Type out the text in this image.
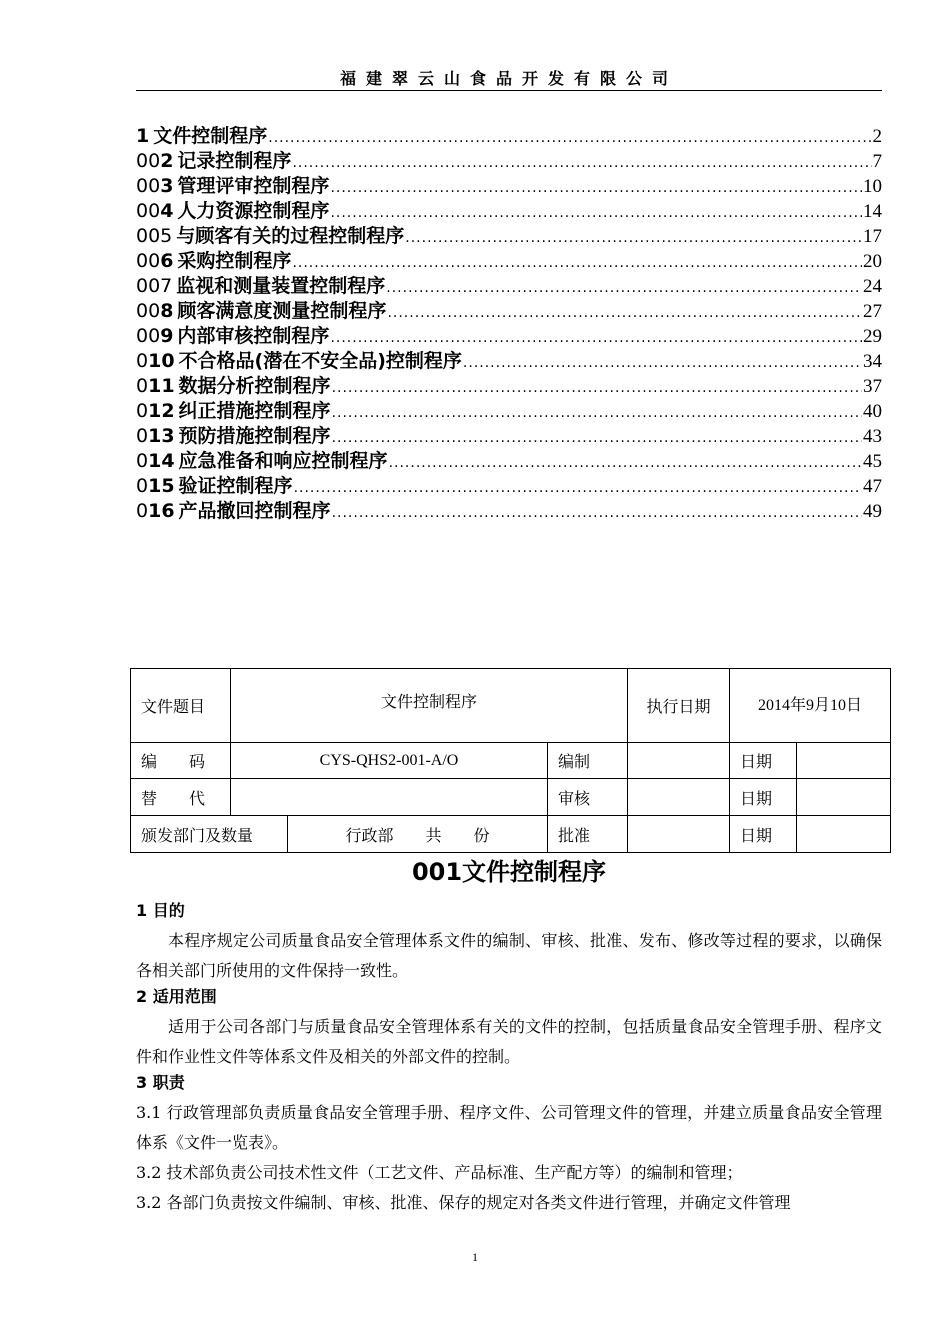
福建翠云山食品开发有限公司
1 文件控制程序 .....	2
00 2 记录控制程序 .....	7
00 3 管理评审控制程序 .....	10
00 4 人力资源控制程序 .....	14
005 与顾客有关的过程控制程序 .....	17
00 6 采购控制程序 .....	20
007 监视和测量装置控制程序 .....	24
00 8 顾客满意度测量控制程序 .....	27
00 9 内部审核控制程序 .....	29
0 10 不合格品(潜在不安全品)控制程序 .....	34
0 11 数据分析控制程序 .....	37
0 12 纠正措施控制程序 .....	40
0 13 预防措施控制程序 .....	43
0 14 应急准备和响应控制程序 .....	45
0 15 验证控制程序 .....	47
0 16 产品撤回控制程序 .....	49
文件题目	文件控制程序			执行日期	2014年9月10日	
编　　码	CYS-QHS2-001-A/O		编制		日期	
替　　代			审核		日期	
颁发部门及数量		行政部　　共　　份	批准		日期	
001文件控制程序
1 目的

本程序规定公司质量食品安全管理体系文件的编制、审核、批准、发布、修改等过程的要求，以确保各相关部门所使用的文件保持一致性。

2 适用范围

适用于公司各部门与质量食品安全管理体系有关的文件的控制，包括质量食品安全管理手册、程序文件和作业性文件等体系文件及相关的外部文件的控制。

3 职责

3.1 行政管理部负责质量食品安全管理手册、程序文件、公司管理文件的管理，并建立质量食品安全管理体系《文件一览表》。

3.2 技术部负责公司技术性文件（工艺文件、产品标准、生产配方等）的编制和管理；

3.2 各部门负责按文件编制、审核、批准、保存的规定对各类文件进行管理，并确定文件管理

1
